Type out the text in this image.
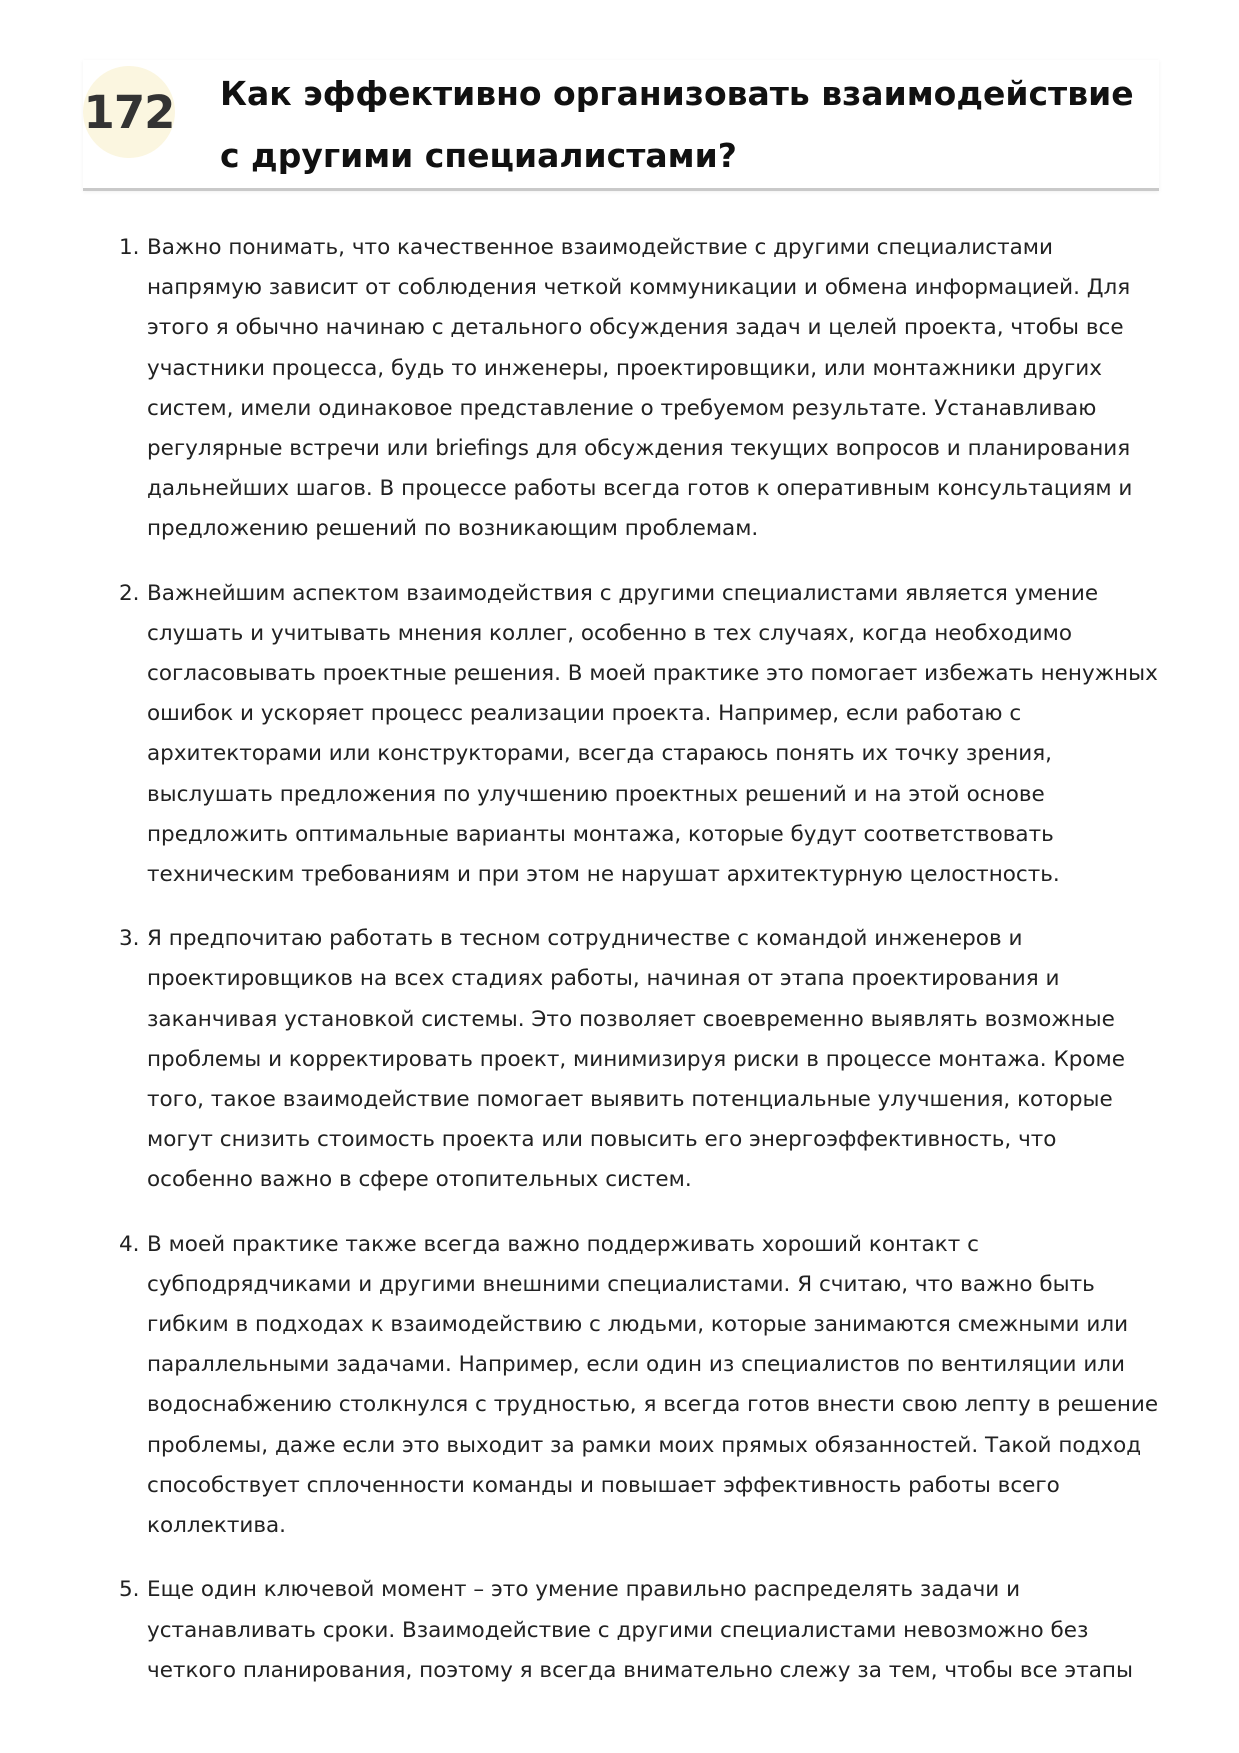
172 Как эффективно организовать взаимодействие с другими специалистами?
1. Важно понимать, что качественное взаимодействие с другими специалистами напрямую зависит от соблюдения четкой коммуникации и обмена информацией. Для этого я обычно начинаю с детального обсуждения задач и целей проекта, чтобы все участники процесса, будь то инженеры, проектировщики, или монтажники других систем, имели одинаковое представление о требуемом результате. Устанавливаю регулярные встречи или briefings для обсуждения текущих вопросов и планирования дальнейших шагов. В процессе работы всегда готов к оперативным консультациям и предложению решений по возникающим проблемам.
2. Важнейшим аспектом взаимодействия с другими специалистами является умение слушать и учитывать мнения коллег, особенно в тех случаях, когда необходимо согласовывать проектные решения. В моей практике это помогает избежать ненужных ошибок и ускоряет процесс реализации проекта. Например, если работаю с архитекторами или конструкторами, всегда стараюсь понять их точку зрения, выслушать предложения по улучшению проектных решений и на этой основе предложить оптимальные варианты монтажа, которые будут соответствовать техническим требованиям и при этом не нарушат архитектурную целостность.
3. Я предпочитаю работать в тесном сотрудничестве с командой инженеров и проектировщиков на всех стадиях работы, начиная от этапа проектирования и заканчивая установкой системы. Это позволяет своевременно выявлять возможные проблемы и корректировать проект, минимизируя риски в процессе монтажа. Кроме того, такое взаимодействие помогает выявить потенциальные улучшения, которые могут снизить стоимость проекта или повысить его энергоэффективность, что особенно важно в сфере отопительных систем.
4. В моей практике также всегда важно поддерживать хороший контакт с субподрядчиками и другими внешними специалистами. Я считаю, что важно быть гибким в подходах к взаимодействию с людьми, которые занимаются смежными или параллельными задачами. Например, если один из специалистов по вентиляции или водоснабжению столкнулся с трудностью, я всегда готов внести свою лепту в решение проблемы, даже если это выходит за рамки моих прямых обязанностей. Такой подход способствует сплоченности команды и повышает эффективность работы всего коллектива.
5. Еще один ключевой момент – это умение правильно распределять задачи и устанавливать сроки. Взаимодействие с другими специалистами невозможно без четкого планирования, поэтому я всегда внимательно слежу за тем, чтобы все этапы
